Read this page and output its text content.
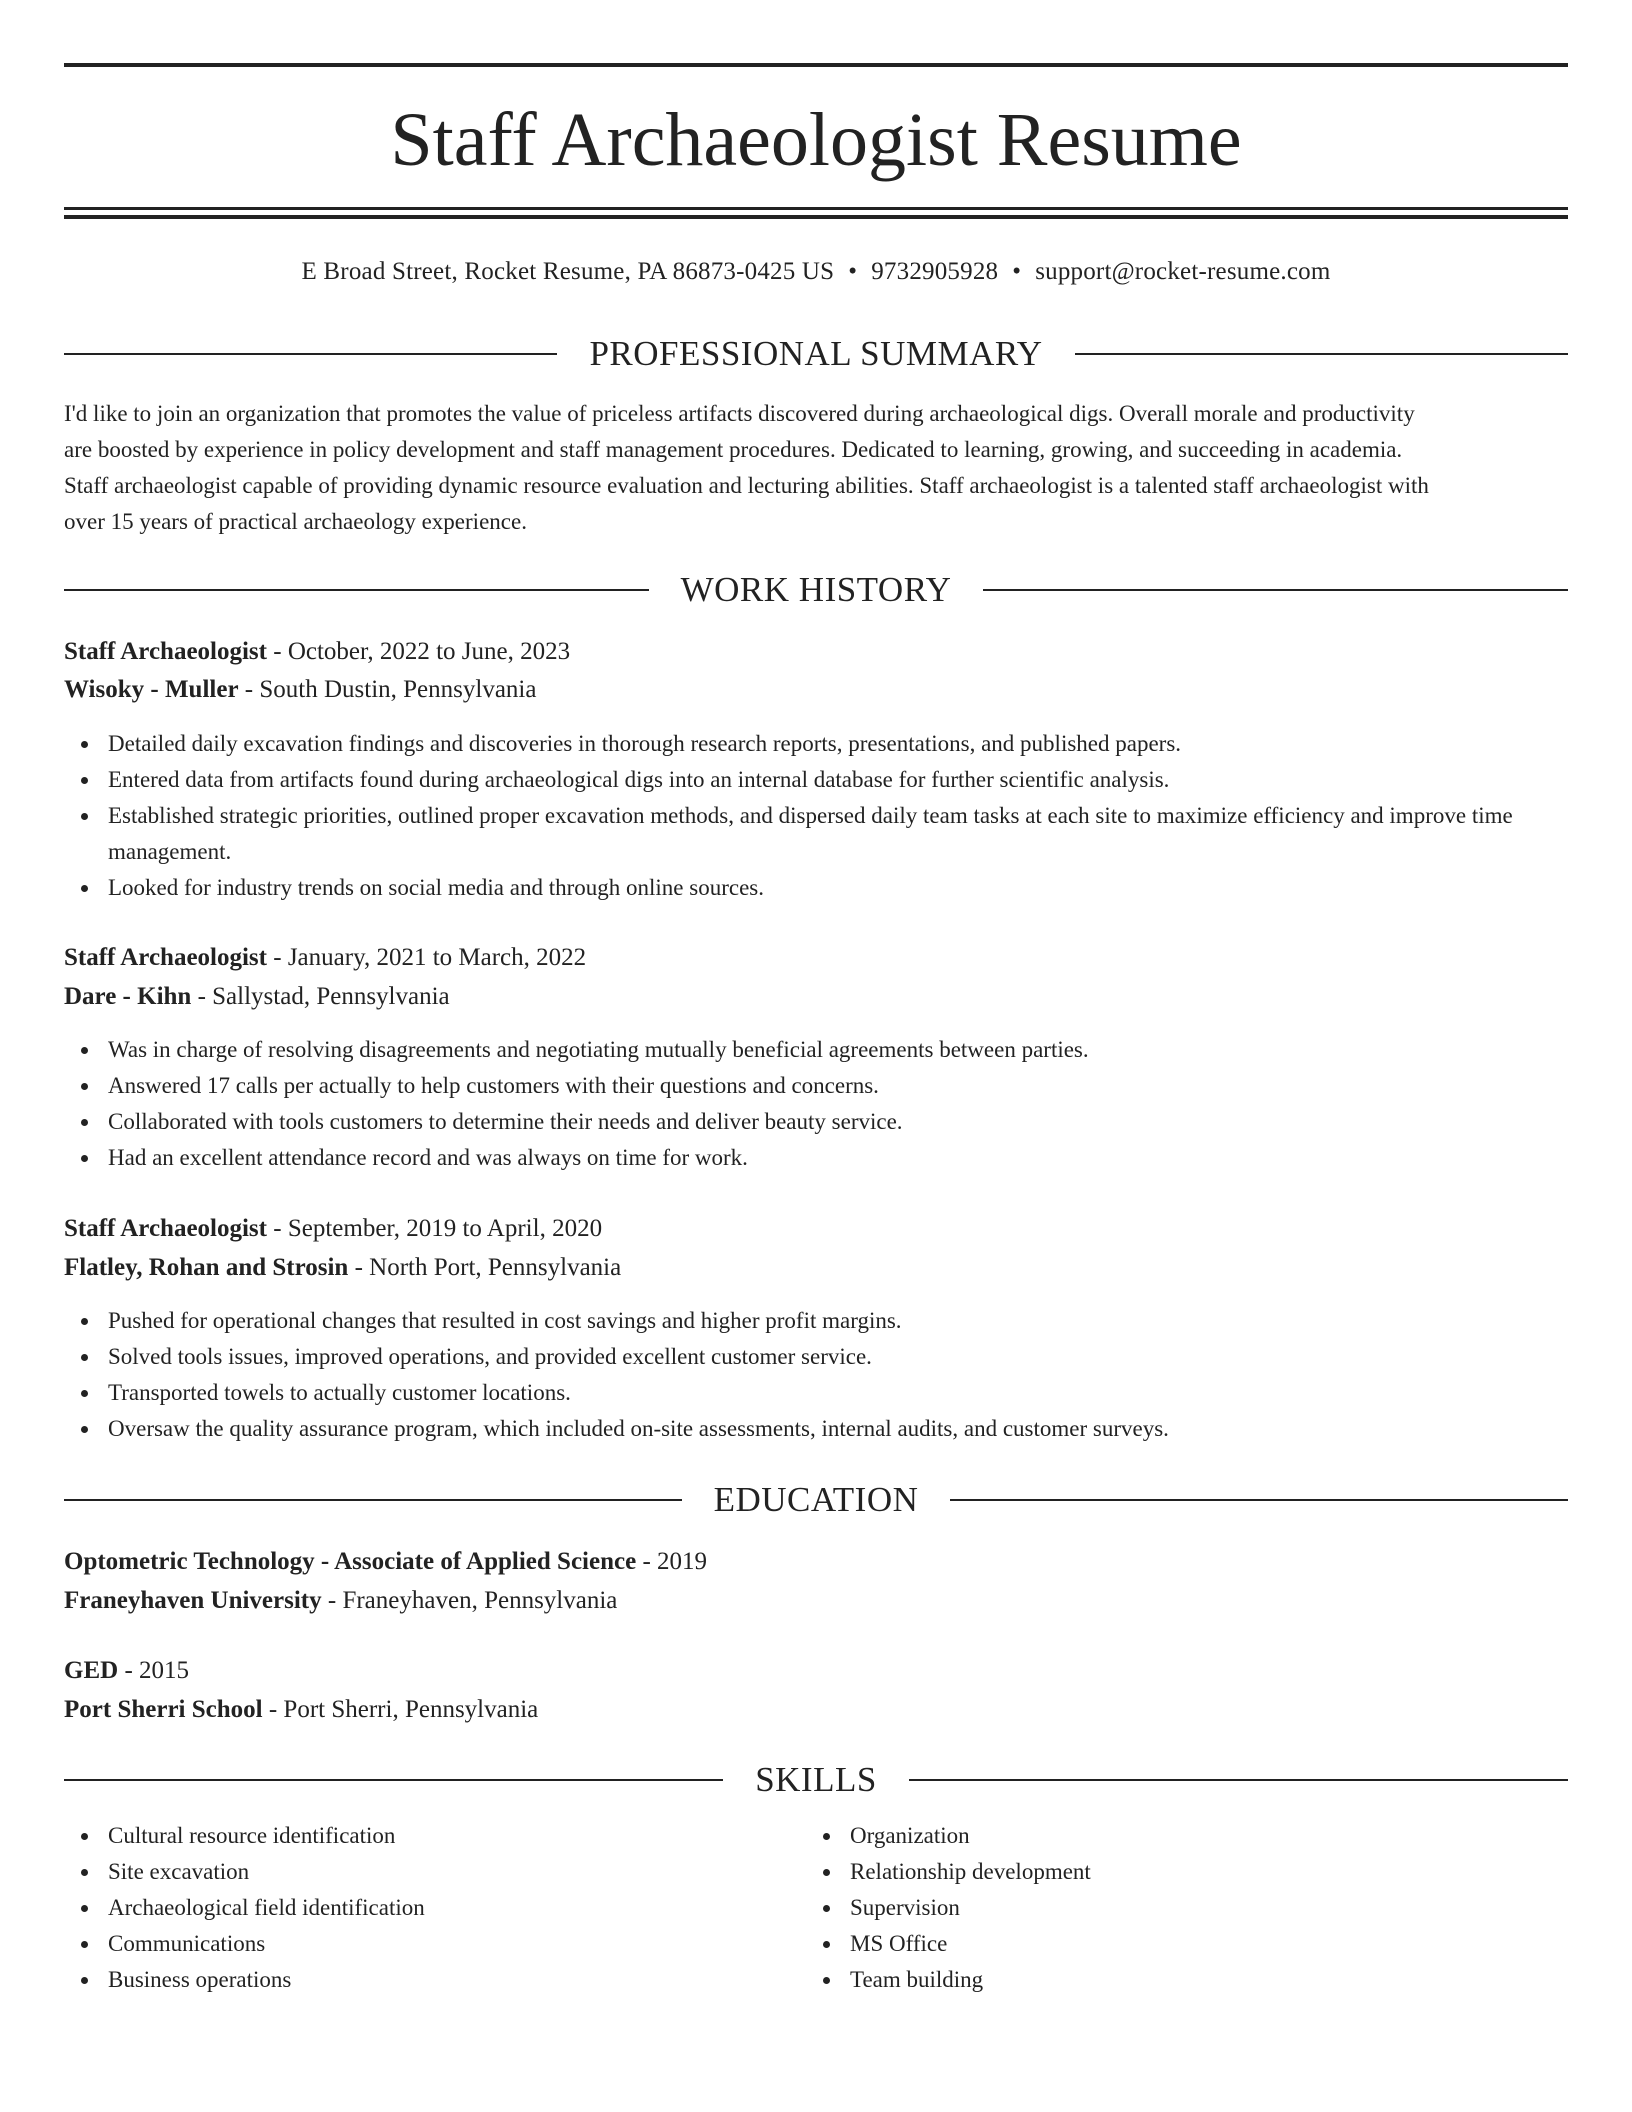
Staff Archaeologist Resume
E Broad Street, Rocket Resume, PA 86873-0425 US • 9732905928 • support@rocket-resume.com
PROFESSIONAL SUMMARY
I'd like to join an organization that promotes the value of priceless artifacts discovered during archaeological digs. Overall morale and productivity
are boosted by experience in policy development and staff management procedures. Dedicated to learning, growing, and succeeding in academia.
Staff archaeologist capable of providing dynamic resource evaluation and lecturing abilities. Staff archaeologist is a talented staff archaeologist with
over 15 years of practical archaeology experience.
WORK HISTORY
Staff Archaeologist - October, 2022 to June, 2023
Wisoky - Muller - South Dustin, Pennsylvania
Detailed daily excavation findings and discoveries in thorough research reports, presentations, and published papers.
Entered data from artifacts found during archaeological digs into an internal database for further scientific analysis.
Established strategic priorities, outlined proper excavation methods, and dispersed daily team tasks at each site to maximize efficiency and improve time management.
Looked for industry trends on social media and through online sources.
Staff Archaeologist - January, 2021 to March, 2022
Dare - Kihn - Sallystad, Pennsylvania
Was in charge of resolving disagreements and negotiating mutually beneficial agreements between parties.
Answered 17 calls per actually to help customers with their questions and concerns.
Collaborated with tools customers to determine their needs and deliver beauty service.
Had an excellent attendance record and was always on time for work.
Staff Archaeologist - September, 2019 to April, 2020
Flatley, Rohan and Strosin - North Port, Pennsylvania
Pushed for operational changes that resulted in cost savings and higher profit margins.
Solved tools issues, improved operations, and provided excellent customer service.
Transported towels to actually customer locations.
Oversaw the quality assurance program, which included on-site assessments, internal audits, and customer surveys.
EDUCATION
Optometric Technology - Associate of Applied Science - 2019
Franeyhaven University - Franeyhaven, Pennsylvania
GED - 2015
Port Sherri School - Port Sherri, Pennsylvania
SKILLS
Cultural resource identification
Site excavation
Archaeological field identification
Communications
Business operations
Organization
Relationship development
Supervision
MS Office
Team building
